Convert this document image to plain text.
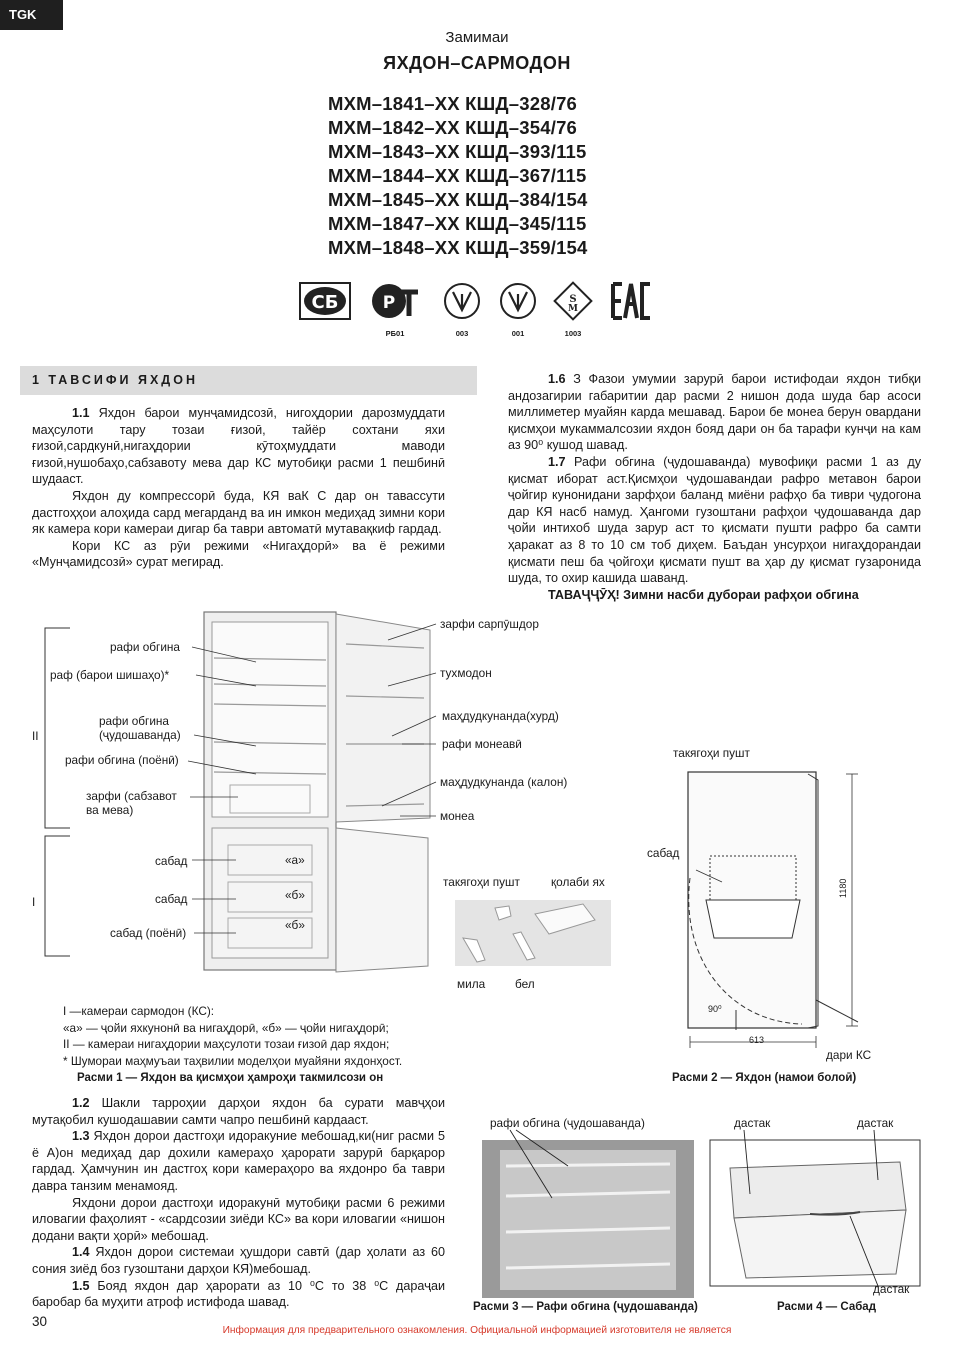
TGK
Замимаи
ЯХДОН–САРМОДОН
МХМ–1841–ХХ КШД–328/76
МХМ–1842–ХХ КШД–354/76
МХМ–1843–ХХ КШД–393/115
МХМ–1844–ХХ КШД–367/115
МХМ–1845–ХХ КШД–384/154
МХМ–1847–ХХ КШД–345/115
МХМ–1848–ХХ КШД–359/154
СБ	Р	S
M
РБ01	003	001	1003
1 ТАВСИФИ ЯХДОН

1.1 Яхдон барои мунҷамидсозӣ, нигоҳдории дарозмуддати маҳсулоти тару тозаи ғизоӣ, тайёр сохтани яхи ғизоӣ,сардкунӣ,нигаҳдории кӯтоҳмуддати маводи ғизоӣ,нушобаҳо,сабзавоту мева дар КС мутобиқи расми 1 пешбинӣ шудааст.

Яхдон ду компрессорӣ буда, КЯ ваК С дар он тавассути дастгоҳҳои алоҳида сард мегарданд ва ин имкон медиҳад зимни кори як камера кори камераи дигар ба таври автоматӣ мутавақкиф гардад.

Кори КС аз рӯи режими «Нигаҳдорӣ» ва ё режими «Мунҷамидсозӣ» сурат мегирад.

1.6 З Фазои умумии зарурӣ барои истифодаи яхдон тибқи андозагирии габаритии дар расми 2 нишон дода шуда бар асоси миллиметер муайян карда мешавад. Барои бе монеа берун овардани қисмҳои мукаммалсозии яхдон бояд дари он ба тарафи кунҷи на кам аз 90⁰ кушод шавад.

1.7 Рафи обгина (ҷудошаванда) мувофиқи расми 1 аз ду қисмат иборат аст.Қисмҳои ҷудошавандаи рафро метавон барои ҷойгир кунонидани зарфҳои баланд миёни рафҳо ба тиври ҷудогона дар КЯ насб намуд. Ҳангоми гузоштани рафҳои ҷудошаванда дар ҷойи интихоб шуда зарур аст то қисмати пушти рафро ба самти ҳаракат аз 8 то 10 см тоб диҳем. Баъдан унсурҳои нигаҳдорандаи қисмати пеш ба ҷойгоҳи қисмати пушт ва ҳар ду қисмат гузаронида шуда, то охир кашида шаванд.

ТАВАҶҶӮҲ! Зимни насби дубораи рафҳои обгина

рафи обгина
раф (барои шишаҳо)*
рафи обгина
(ҷудошаванда)
рафи обгина (поёнӣ)
зарфи (сабзавот
ва мева)
сабад
сабад
сабад (поёнӣ)
зарфи сарпӯшдор
тухмодон
маҳдудкунанда(хурд)
рафи монеавӣ
маҳдудкунанда (калон)
монеа
II
I
«а»
«б»
«б»
такягоҳи пушт	қолаби ях
мила	бел
I —камераи сармодон (КС):
«а» — ҷойи яхкунонӣ ва нигаҳдорӣ, «б» — ҷойи нигаҳдорӣ;
II — камераи нигаҳдории маҳсулоти тозаи ғизоӣ дар яхдон;
* Шумораи маҳмуъаи таҳвилии моделҳои муайяни яхдонҳост.
Расми 1 — Яхдон ва қисмҳои ҳамроҳи такмилсози он
такягоҳи пушт
сабад
дари КС
1180
613
90⁰
Расми 2 — Яхдон (намои болоӣ)

1.2 Шакли тарроҳии дарҳои яхдон ба сурати мавҷҳои мутақобил кушодашавии самти чапро пешбинӣ кардааст.

1.3 Яхдон дорои дастгоҳи идоракуние мебошад,ки(ниг расми 5 ё A)он медиҳад дар дохили камераҳо ҳарорати зарурӣ барқарор гардад. Ҳамчунин ин дастгоҳ кори камераҳоро ва яхдонро ба таври давра танзим менамояд.

Яхдони дорои дастгоҳи идоракунӣ мутобиқи расми 6 режими иловагии фаҳолият - «сардсозии зиёди КС» ва кори иловагии «нишон додани вақти ҳорӣ» мебошад.

1.4 Яхдон дорои системаи ҳушдори савтӣ (дар ҳолати аз 60 сония зиёд боз гузоштани дарҳои КЯ)мебошад.

1.5 Бояд яхдон дар ҳарорати аз 10 ⁰С то 38 ⁰С дараҷаи баробар ба муҳити атроф истифода шавад.

рафи обгина (ҷудошаванда)
Расми 3 — Рафи обгина (ҷудошаванда)
дастак	дастак
дастак
Расми 4 — Сабад
30
Информация для предварительного ознакомления. Официальной информацией изготовителя не является
